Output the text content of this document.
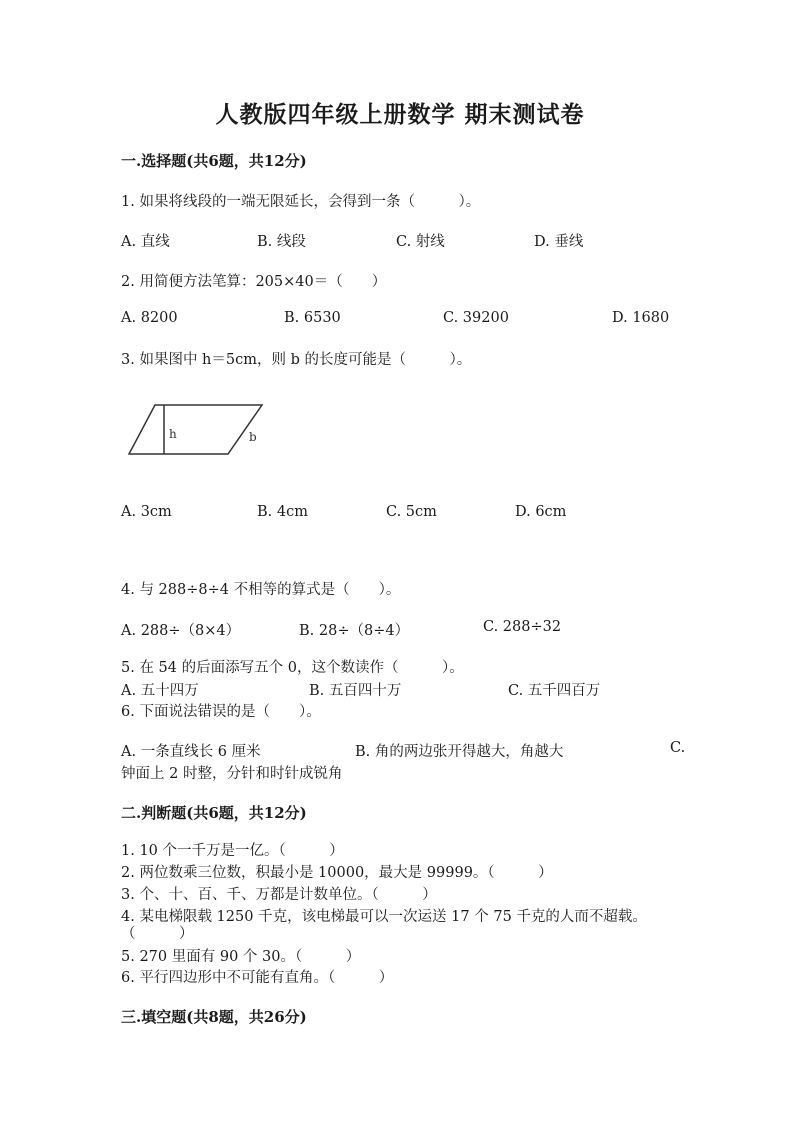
人教版四年级上册数学 期末测试卷
一.选择题(共6题，共12分)
1. 如果将线段的一端无限延长，会得到一条（　　　）。
A. 直线	B. 线段	C. 射线	D. 垂线
2. 用简便方法笔算：205×40＝（　　）
A. 8200	B. 6530	C. 39200	D. 1680
3. 如果图中 h＝5cm，则 b 的长度可能是（　　　）。
h	b
A. 3cm	B. 4cm	C. 5cm	D. 6cm
4. 与 288÷8÷4 不相等的算式是（　　）。
A. 288÷（8×4）	B. 28÷（8÷4）	C. 288÷32
5. 在 54 的后面添写五个 0，这个数读作（　　　）。
A. 五十四万	B. 五百四十万	C. 五千四百万
6. 下面说法错误的是（　　）。
A. 一条直线长 6 厘米	B. 角的两边张开得越大，角越大	C.
钟面上 2 时整，分针和时针成锐角
二.判断题(共6题，共12分)
1. 10 个一千万是一亿。（　　　）
2. 两位数乘三位数，积最小是 10000，最大是 99999。（　　　）
3. 个、十、百、千、万都是计数单位。（　　　）
4. 某电梯限载 1250 千克，该电梯最可以一次运送 17 个 75 千克的人而不超载。
（　　　）
5. 270 里面有 90 个 30。（　　　）
6. 平行四边形中不可能有直角。（　　　）
三.填空题(共8题，共26分)
